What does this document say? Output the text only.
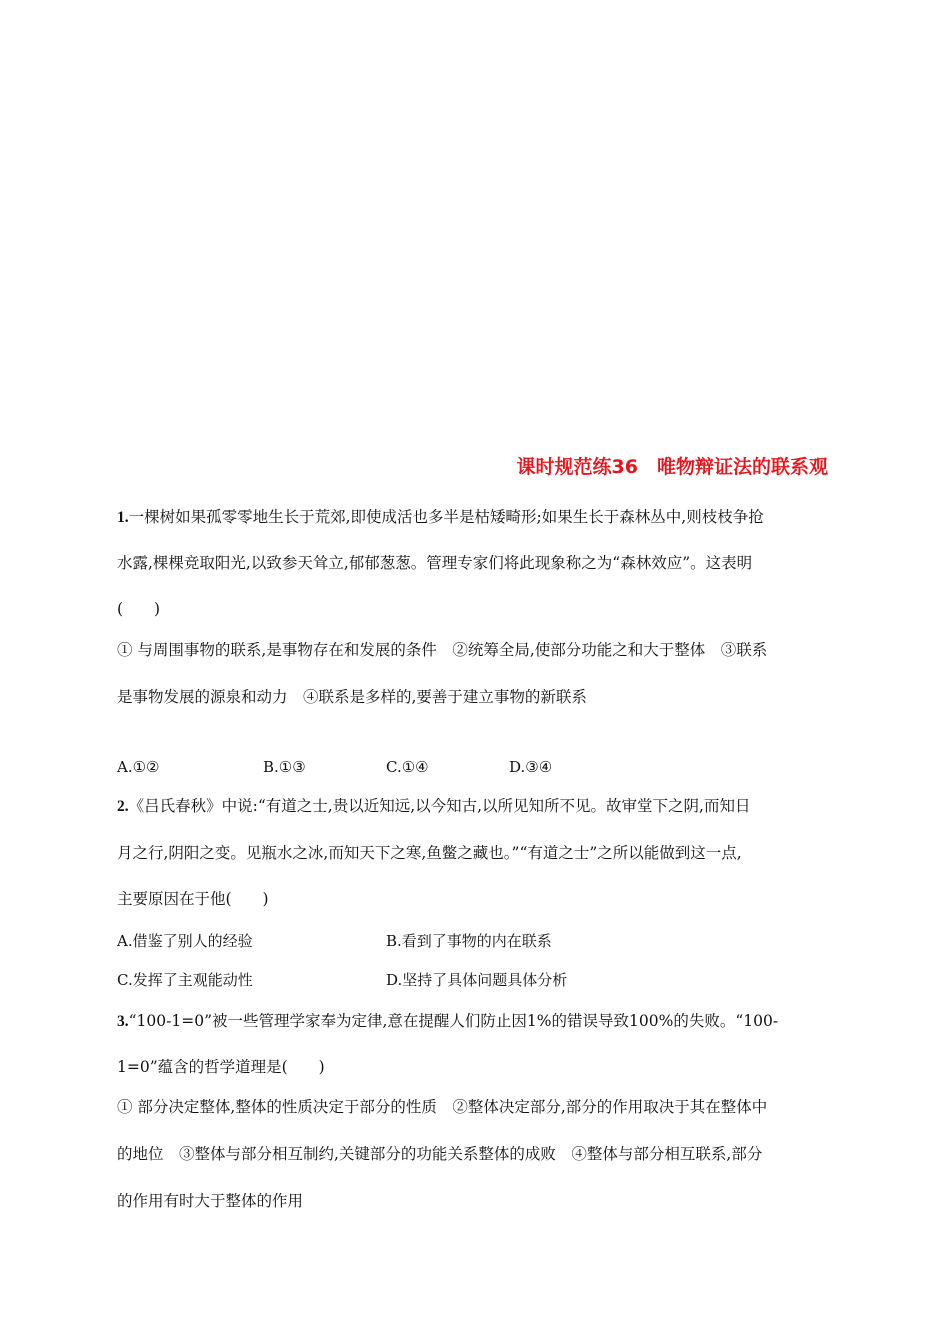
课时规范练36　唯物辩证法的联系观
1.一棵树如果孤零零地生长于荒郊,即使成活也多半是枯矮畸形;如果生长于森林丛中,则枝枝争抢
水露,棵棵竞取阳光,以致参天耸立,郁郁葱葱。管理专家们将此现象称之为“森林效应”。这表明
(　　)
① 与周围事物的联系,是事物存在和发展的条件　②统筹全局,使部分功能之和大于整体　③联系
是事物发展的源泉和动力　④联系是多样的,要善于建立事物的新联系
A.①②	B.①③	C.①④	D.③④
2.《吕氏春秋》中说:“有道之士,贵以近知远,以今知古,以所见知所不见。故审堂下之阴,而知日
月之行,阴阳之变。见瓶水之冰,而知天下之寒,鱼鳖之藏也。”“有道之士”之所以能做到这一点,
主要原因在于他(　　)
A.借鉴了别人的经验	B.看到了事物的内在联系
C.发挥了主观能动性	D.坚持了具体问题具体分析
3.“100-1=0”被一些管理学家奉为定律,意在提醒人们防止因1%的错误导致100%的失败。“100-
1=0”蕴含的哲学道理是(　　)
① 部分决定整体,整体的性质决定于部分的性质　②整体决定部分,部分的作用取决于其在整体中
的地位　③整体与部分相互制约,关键部分的功能关系整体的成败　④整体与部分相互联系,部分
的作用有时大于整体的作用
